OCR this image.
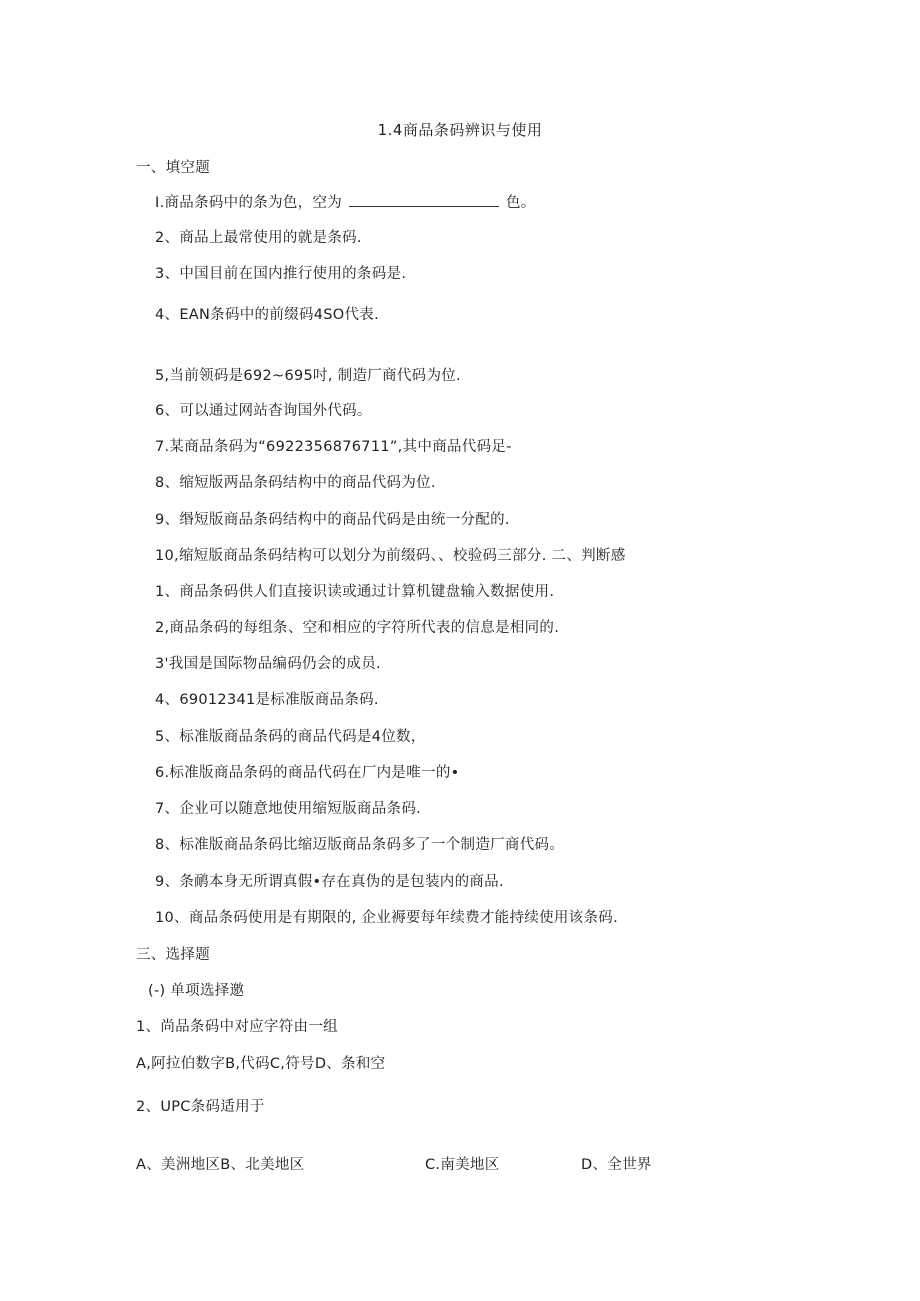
1.4商品条码辨识与使用
一、填空题
I.商品条码中的条为色，空为	色。
2、商品上最常使用的就是条码.
3、中国目前在国内推行使用的条码是.
4、EAN条码中的前缀码4SO代表.
5,当前领码是692~695吋, 制造厂商代码为位.
6、可以通过网站杳询国外代码。
7.某商品条码为“6922356876711”,其中商品代码足-
8、缩短版两品条码结构中的商品代码为位.
9、缗短版商品条码结构中的商品代码是由统一分配的.
10,缩短版商品条码结构可以划分为前缀码、、校验码三部分. 二、判断感
1、商品条码供人们直接识读或通过计算机键盘输入数据使用.
2,商品条码的每组条、空和相应的字符所代表的信息是相同的.
3'我国是国际物品编码仍会的成员.
4、69012341是标准版商品条码.
5、标准版商品条码的商品代码是4位数，
6.标准版商品条码的商品代码在厂内是唯一的•
7、企业可以随意地使用缩短版商品条码.
8、标准版商品条码比缩迈版商品条码多了一个制造厂商代码。
9、条鸸本身无所谓真假•存在真伪的是包装内的商品.
10、商品条码使用是有期限的, 企业褥要每年续费才能持续使用该条码.
三、选择题
(-) 单项选择邀
1、尚品条码中对应字符由一组
A,阿拉伯数字B,代码C,符号D、条和空
2、UPC条码适用于
A、美洲地区B、北美地区	C.南美地区	D、全世界
